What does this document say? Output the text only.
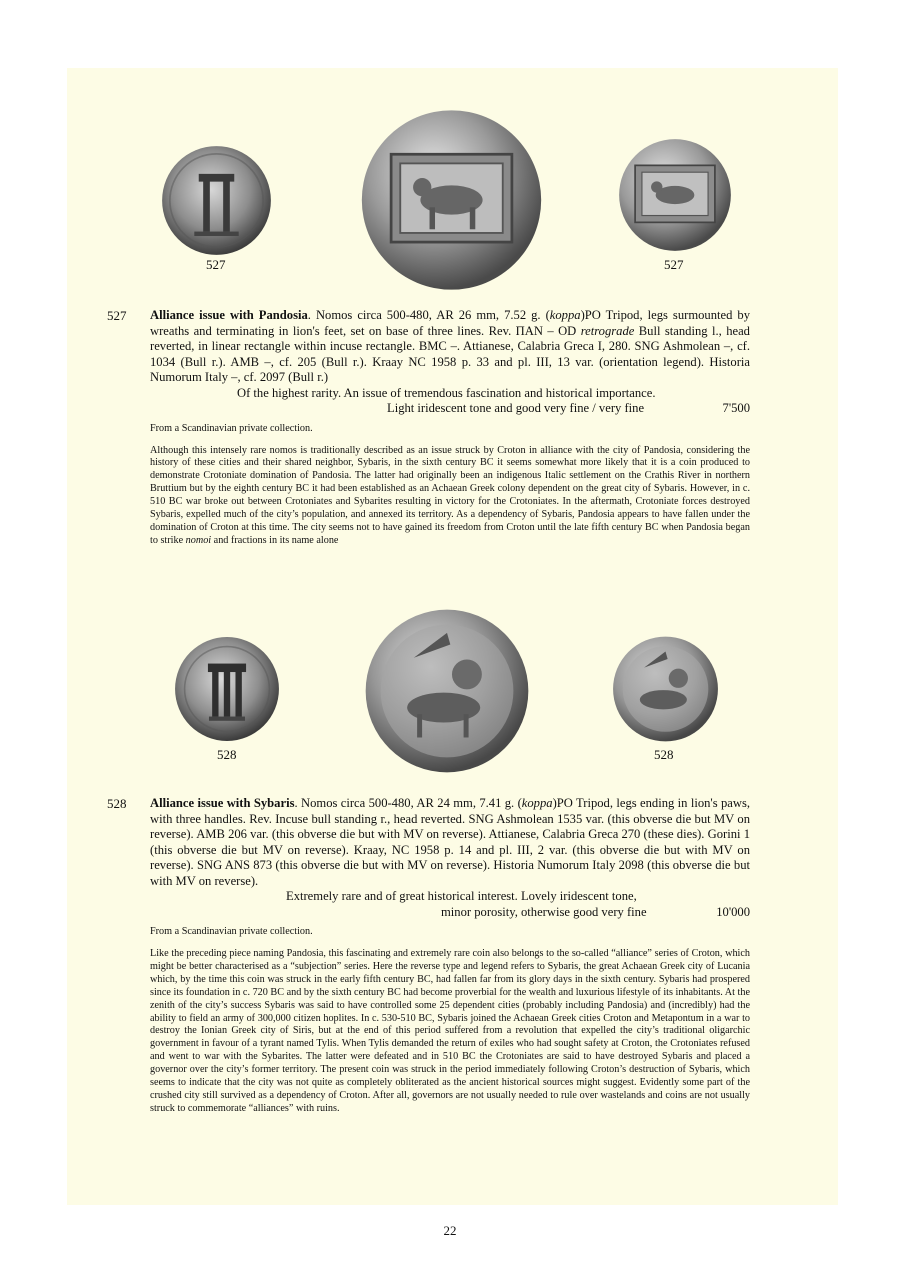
527	527
527 Alliance issue with Pandosia. Nomos circa 500-480, AR 26 mm, 7.52 g. (koppa)PO Tripod, legs surmounted by wreaths and terminating in lion's feet, set on base of three lines. Rev. ΠΑΝ – OD retrograde Bull standing l., head reverted, in linear rectangle within incuse rectangle. BMC –. Attianese, Calabria Greca I, 280. SNG Ashmolean –, cf. 1034 (Bull r.). AMB –, cf. 205 (Bull r.). Kraay NC 1958 p. 33 and pl. III, 13 var. (orientation legend). Historia Numorum Italy –, cf. 2097 (Bull r.)
Of the highest rarity. An issue of tremendous fascination and historical importance.
Light iridescent tone and good very fine / very fine	7'500
From a Scandinavian private collection.
Although this intensely rare nomos is traditionally described as an issue struck by Croton in alliance with the city of Pandosia, considering the history of these cities and their shared neighbor, Sybaris, in the sixth century BC it seems somewhat more likely that it is a coin produced to demonstrate Crotoniate domination of Pandosia. The latter had originally been an indigenous Italic settlement on the Crathis River in northern Bruttium but by the eighth century BC it had been established as an Achaean Greek colony dependent on the great city of Sybaris. However, in c. 510 BC war broke out between Crotoniates and Sybarites resulting in victory for the Crotoniates. In the aftermath, Crotoniate forces destroyed Sybaris, expelled much of the city’s population, and annexed its territory. As a dependency of Sybaris, Pandosia appears to have fallen under the domination of Croton at this time. The city seems not to have gained its freedom from Croton until the late fifth century BC when Pandosia began to strike nomoi and fractions in its name alone
528	528
528 Alliance issue with Sybaris. Nomos circa 500-480, AR 24 mm, 7.41 g. (koppa)PO Tripod, legs ending in lion's paws, with three handles. Rev. Incuse bull standing r., head reverted. SNG Ashmolean 1535 var. (this obverse die but MV on reverse). AMB 206 var. (this obverse die but with MV on reverse). Attianese, Calabria Greca 270 (these dies). Gorini 1 (this obverse die but MV on reverse). Kraay, NC 1958 p. 14 and pl. III, 2 var. (this obverse die but with MV on reverse). SNG ANS 873 (this obverse die but with MV on reverse). Historia Numorum Italy 2098 (this obverse die but with MV on reverse).
Extremely rare and of great historical interest. Lovely iridescent tone,
minor porosity, otherwise good very fine	10'000
From a Scandinavian private collection.
Like the preceding piece naming Pandosia, this fascinating and extremely rare coin also belongs to the so-called “alliance” series of Croton, which might be better characterised as a “subjection” series. Here the reverse type and legend refers to Sybaris, the great Achaean Greek city of Lucania which, by the time this coin was struck in the early fifth century BC, had fallen far from its glory days in the sixth century. Sybaris had prospered since its foundation in c. 720 BC and by the sixth century BC had become proverbial for the wealth and luxurious lifestyle of its inhabitants. At the zenith of the city’s success Sybaris was said to have controlled some 25 dependent cities (probably including Pandosia) and (incredibly) had the ability to field an army of 300,000 citizen hoplites. In c. 530-510 BC, Sybaris joined the Achaean Greek cities Croton and Metapontum in a war to destroy the Ionian Greek city of Siris, but at the end of this period suffered from a revolution that expelled the city’s traditional oligarchic government in favour of a tyrant named Tylis. When Tylis demanded the return of exiles who had sought safety at Croton, the Crotoniates refused and went to war with the Sybarites. The latter were defeated and in 510 BC the Crotoniates are said to have destroyed Sybaris and placed a governor over the city’s former territory. The present coin was struck in the period immediately following Croton’s destruction of Sybaris, which seems to indicate that the city was not quite as completely obliterated as the ancient historical sources might suggest. Evidently some part of the crushed city still survived as a dependency of Croton. After all, governors are not usually needed to rule over wastelands and coins are not usually struck to commemorate “alliances” with ruins.
22
